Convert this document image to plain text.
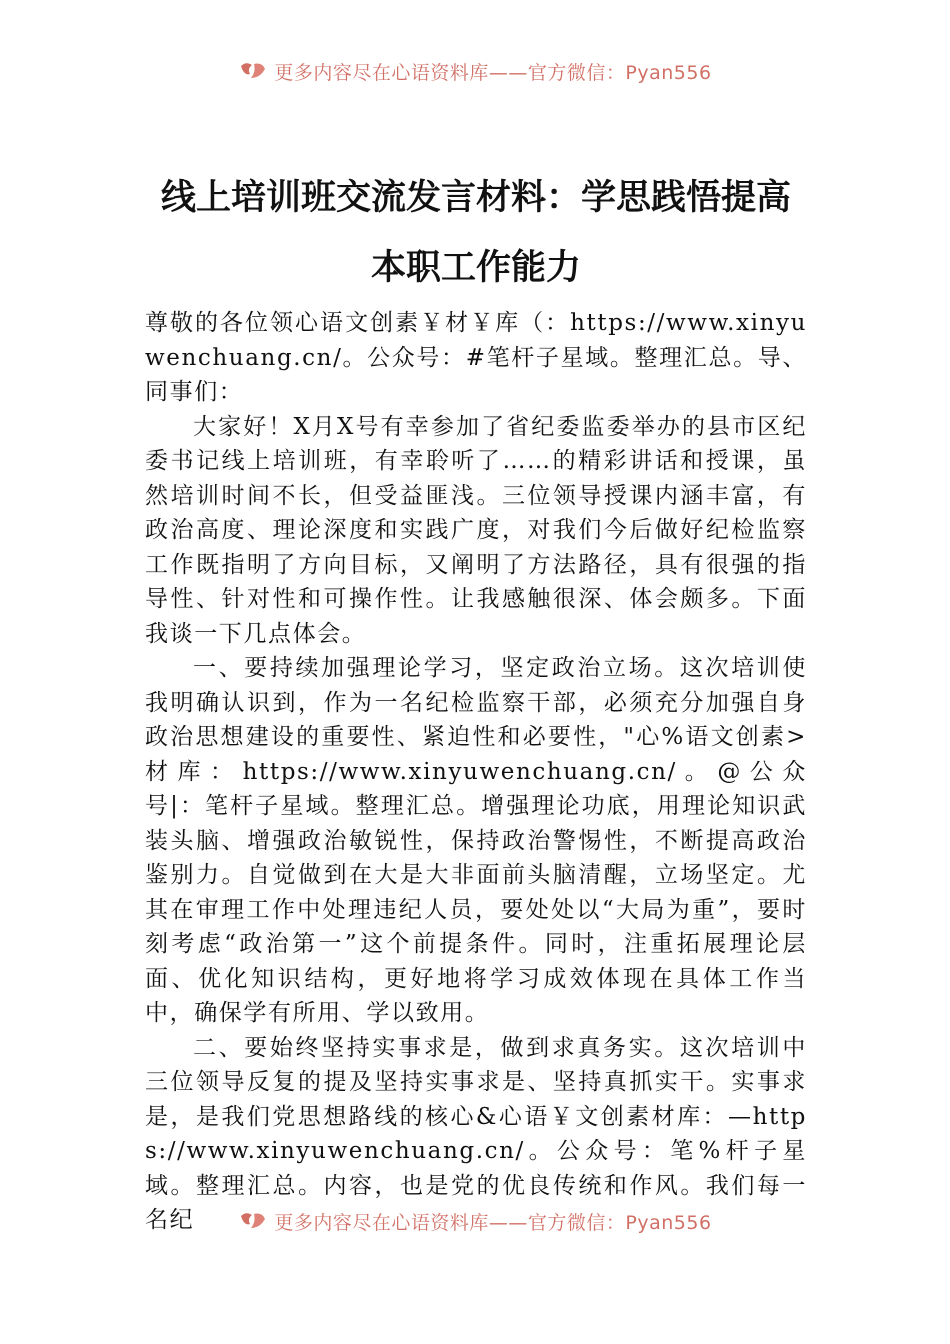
更多内容尽在心语资料库——官方微信：Pyan556
线上培训班交流发言材料：学思践悟提高
本职工作能力

尊敬的各位领心语文创素￥材￥库（：https://www.xinyuwenchuang.cn/。公众号：#笔杆子星域。整理汇总。导、同事们：

大家好！X月X号有幸参加了省纪委监委举办的县市区纪委书记线上培训班，有幸聆听了……的精彩讲话和授课，虽然培训时间不长，但受益匪浅。三位领导授课内涵丰富，有政治高度、理论深度和实践广度，对我们今后做好纪检监察工作既指明了方向目标，又阐明了方法路径，具有很强的指导性、针对性和可操作性。让我感触很深、体会颇多。下面我谈一下几点体会。

一、要持续加强理论学习，坚定政治立场。这次培训使我明确认识到，作为一名纪检监察干部，必须充分加强自身政治思想建设的重要性、紧迫性和必要性，"心%语文创素>材库：https://www.xinyuwenchuang.cn/。@公众号|：笔杆子星域。整理汇总。增强理论功底，用理论知识武装头脑、增强政治敏锐性，保持政治警惕性，不断提高政治鉴别力。自觉做到在大是大非面前头脑清醒，立场坚定。尤其在审理工作中处理违纪人员，要处处以“大局为重”，要时刻考虑“政治第一”这个前提条件。同时，注重拓展理论层面、优化知识结构，更好地将学习成效体现在具体工作当中，确保学有所用、学以致用。

二、要始终坚持实事求是，做到求真务实。这次培训中三位领导反复的提及坚持实事求是、坚持真抓实干。实事求是，是我们党思想路线的核心&心语￥文创素材库：—https://www.xinyuwenchuang.cn/。公众号：笔%杆子星域。整理汇总。内容，也是党的优良传统和作风。我们每一名纪	更多内容尽在心语资料库——官方微信：Pyan556
